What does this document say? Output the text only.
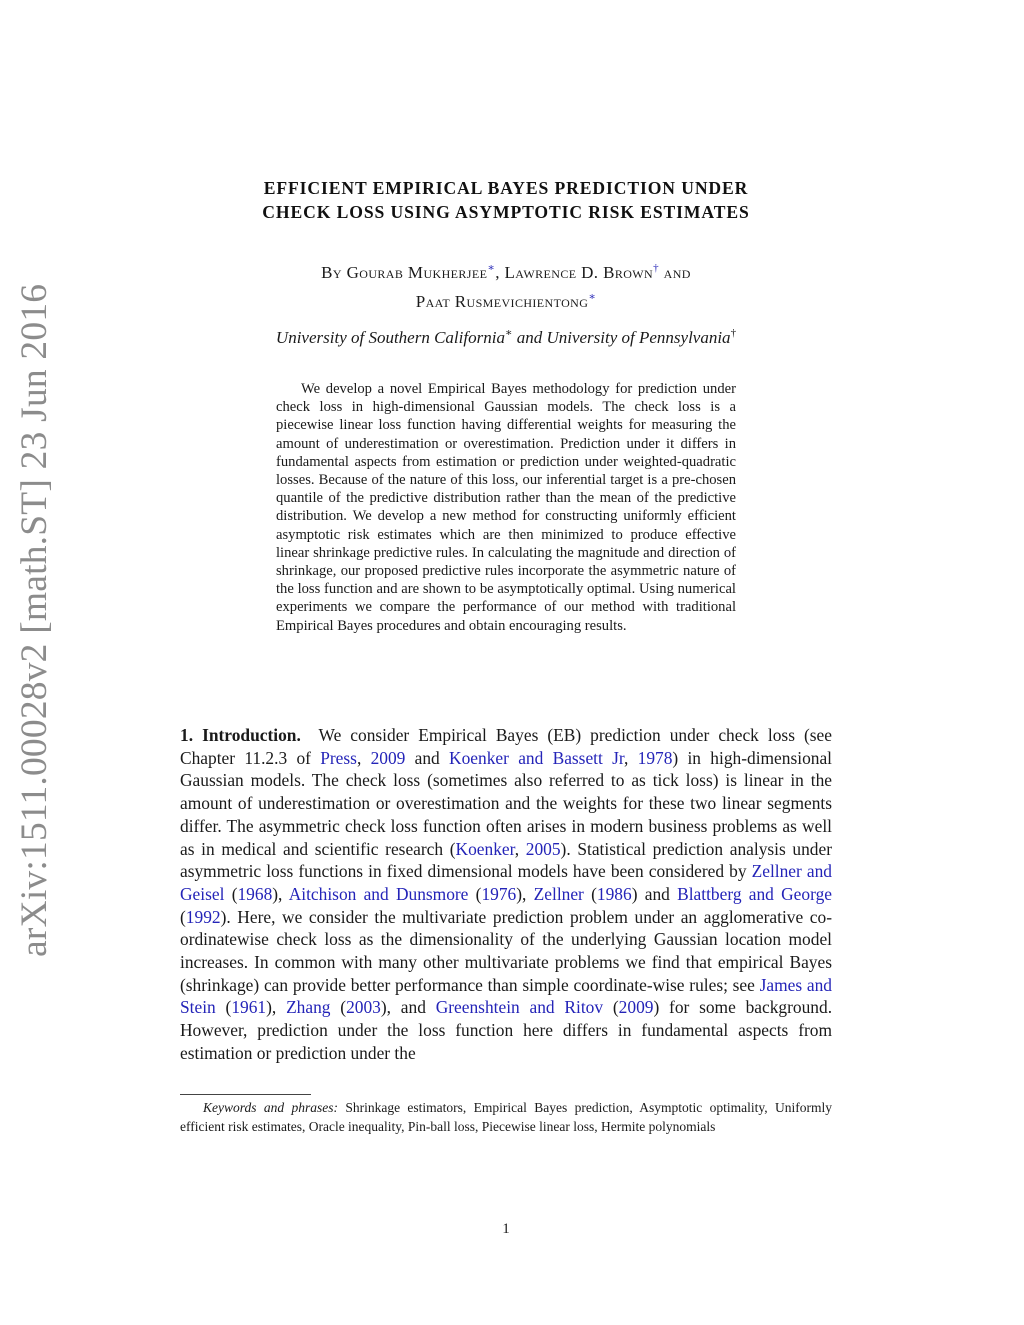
arXiv:1511.00028v2 [math.ST] 23 Jun 2016
EFFICIENT EMPIRICAL BAYES PREDICTION UNDER
CHECK LOSS USING ASYMPTOTIC RISK ESTIMATES
By Gourab Mukherjee∗, Lawrence D. Brown† and
Paat Rusmevichientong∗
University of Southern California∗ and University of Pennsylvania†

We develop a novel Empirical Bayes methodology for prediction under check loss in high-dimensional Gaussian models. The check loss is a piecewise linear loss function having differential weights for measuring the amount of underestimation or overestimation. Prediction under it differs in fundamental aspects from estimation or prediction under weighted-quadratic losses. Because of the nature of this loss, our inferential target is a pre-chosen quantile of the predictive distribution rather than the mean of the predictive distribution. We develop a new method for constructing uniformly efficient asymptotic risk estimates which are then minimized to produce effective linear shrinkage predictive rules. In calculating the magnitude and direction of shrinkage, our proposed predictive rules incorporate the asymmetric nature of the loss function and are shown to be asymptotically optimal. Using numerical experiments we compare the performance of our method with traditional Empirical Bayes procedures and obtain encouraging results.

1. Introduction. We consider Empirical Bayes (EB) prediction under check loss (see Chapter 11.2.3 of Press, 2009 and Koenker and Bassett Jr, 1978) in high-dimensional Gaussian models. The check loss (sometimes also referred to as tick loss) is linear in the amount of underestimation or overestimation and the weights for these two linear segments differ. The asymmetric check loss function often arises in modern business problems as well as in medical and scientific research (Koenker, 2005). Statistical prediction analysis under asymmetric loss functions in fixed dimensional models have been considered by Zellner and Geisel (1968), Aitchison and Dunsmore (1976), Zellner (1986) and Blattberg and George (1992). Here, we consider the multivariate prediction problem under an agglomerative co-ordinatewise check loss as the dimensionality of the underlying Gaussian location model increases. In common with many other multivariate problems we find that empirical Bayes (shrinkage) can provide better performance than simple coordinate-wise rules; see James and Stein (1961), Zhang (2003), and Greenshtein and Ritov (2009) for some background. However, prediction under the loss function here differs in fundamental aspects from estimation or prediction under the

Keywords and phrases: Shrinkage estimators, Empirical Bayes prediction, Asymptotic optimality, Uniformly efficient risk estimates, Oracle inequality, Pin-ball loss, Piecewise linear loss, Hermite polynomials

1
